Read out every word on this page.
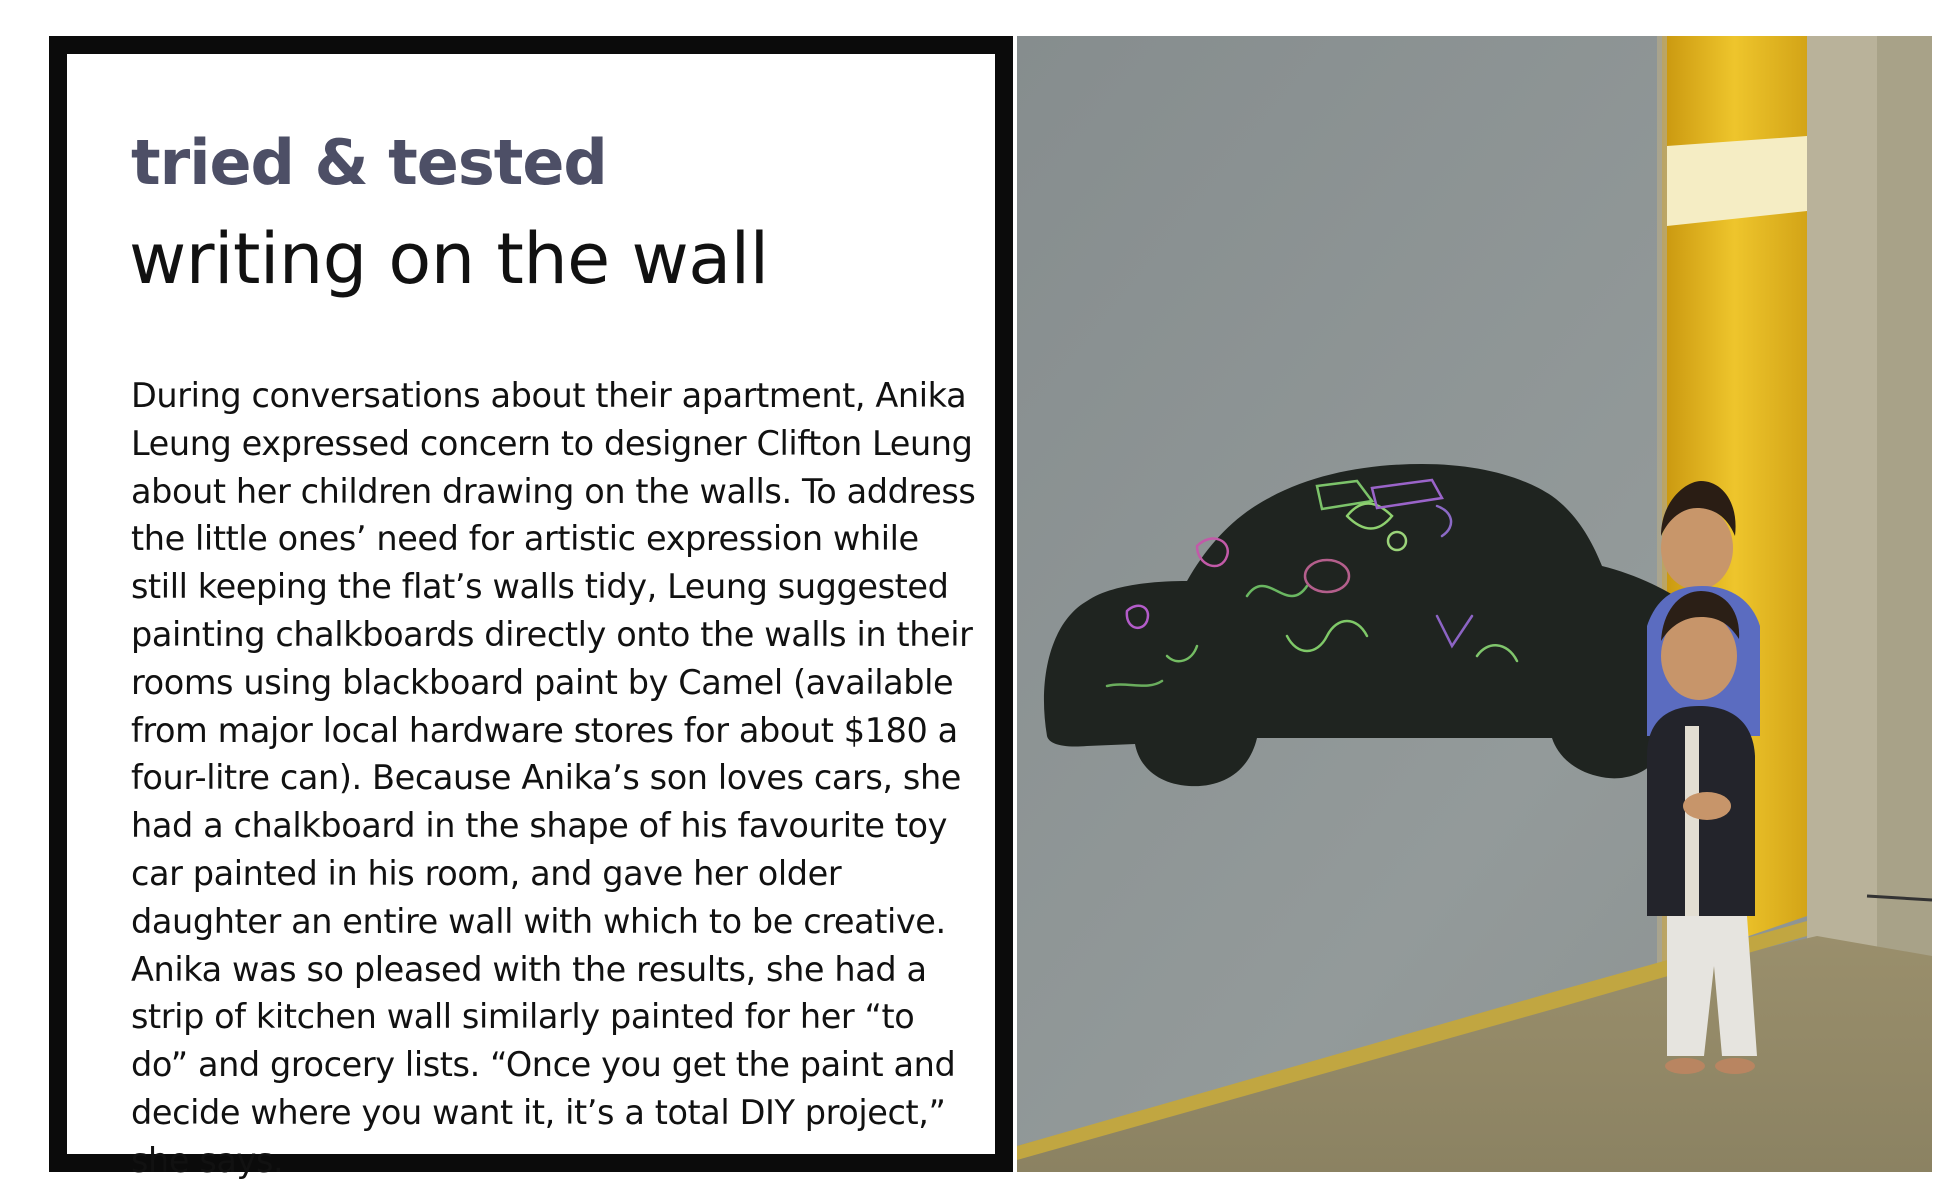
tried & tested
writing on the wall

During conversations about their apartment, Anika Leung expressed concern to designer Clifton Leung about her children drawing on the walls. To address the little ones’ need for artistic expression while still keeping the flat’s walls tidy, Leung suggested painting chalkboards directly onto the walls in their rooms using blackboard paint by Camel (available from major local hardware stores for about $180 a four-litre can). Because Anika’s son loves cars, she had a chalkboard in the shape of his favourite toy car painted in his room, and gave her older daughter an entire wall with which to be creative. Anika was so pleased with the results, she had a strip of kitchen wall similarly painted for her “to do” and grocery lists. “Once you get the paint and decide where you want it, it’s a total DIY project,” she says.
